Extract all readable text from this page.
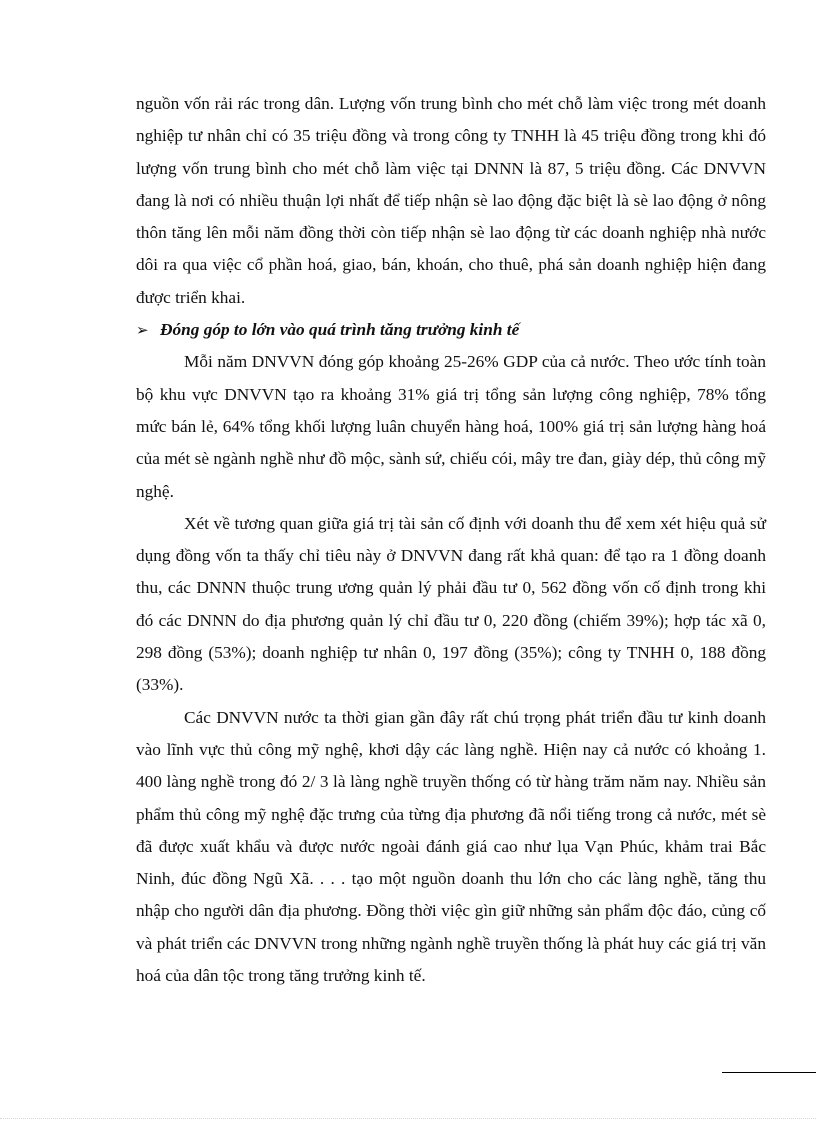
nguồn vốn rải rác trong dân. Lượng vốn trung bình cho mét chỗ làm việc trong mét doanh nghiệp tư nhân chỉ có 35 triệu đồng và trong công ty TNHH là 45 triệu đồng trong khi đó lượng vốn trung bình cho mét chỗ làm việc tại DNNN là 87, 5 triệu đồng. Các DNVVN đang là nơi có nhiều thuận lợi nhất để tiếp nhận sè lao động đặc biệt là sè lao động ở nông thôn tăng lên mỗi năm đồng thời còn tiếp nhận sè lao động từ các doanh nghiệp nhà nước dôi ra qua việc cổ phần hoá, giao, bán, khoán, cho thuê, phá sản doanh nghiệp hiện đang được triển khai.

➢ Đóng góp to lớn vào quá trình tăng trưởng kinh tế

Mỗi năm DNVVN đóng góp khoảng 25-26% GDP của cả nước. Theo ước tính toàn bộ khu vực DNVVN tạo ra khoảng 31% giá trị tổng sản lượng công nghiệp, 78% tổng mức bán lẻ, 64% tổng khối lượng luân chuyển hàng hoá, 100% giá trị sản lượng hàng hoá của mét sè ngành nghề như đồ mộc, sành sứ, chiếu cói, mây tre đan, giày dép, thủ công mỹ nghệ.

Xét về tương quan giữa giá trị tài sản cố định với doanh thu để xem xét hiệu quả sử dụng đồng vốn ta thấy chỉ tiêu này ở DNVVN đang rất khả quan: để tạo ra 1 đồng doanh thu, các DNNN thuộc trung ương quản lý phải đầu tư 0, 562 đồng vốn cố định trong khi đó các DNNN do địa phương quản lý chỉ đầu tư 0, 220 đồng (chiếm 39%); hợp tác xã 0, 298 đồng (53%); doanh nghiệp tư nhân 0, 197 đồng (35%); công ty TNHH 0, 188 đồng (33%).

Các DNVVN nước ta thời gian gần đây rất chú trọng phát triển đầu tư kinh doanh vào lĩnh vực thủ công mỹ nghệ, khơi dậy các làng nghề. Hiện nay cả nước có khoảng 1. 400 làng nghề trong đó 2/ 3 là làng nghề truyền thống có từ hàng trăm năm nay. Nhiều sản phẩm thủ công mỹ nghệ đặc trưng của từng địa phương đã nổi tiếng trong cả nước, mét sè đã được xuất khẩu và được nước ngoài đánh giá cao như lụa Vạn Phúc, khảm trai Bắc Ninh, đúc đồng Ngũ Xã. . . . tạo một nguồn doanh thu lớn cho các làng nghề, tăng thu nhập cho người dân địa phương. Đồng thời việc gìn giữ những sản phẩm độc đáo, củng cố và phát triển các DNVVN trong những ngành nghề truyền thống là phát huy các giá trị văn hoá của dân tộc trong tăng trưởng kinh tế.
